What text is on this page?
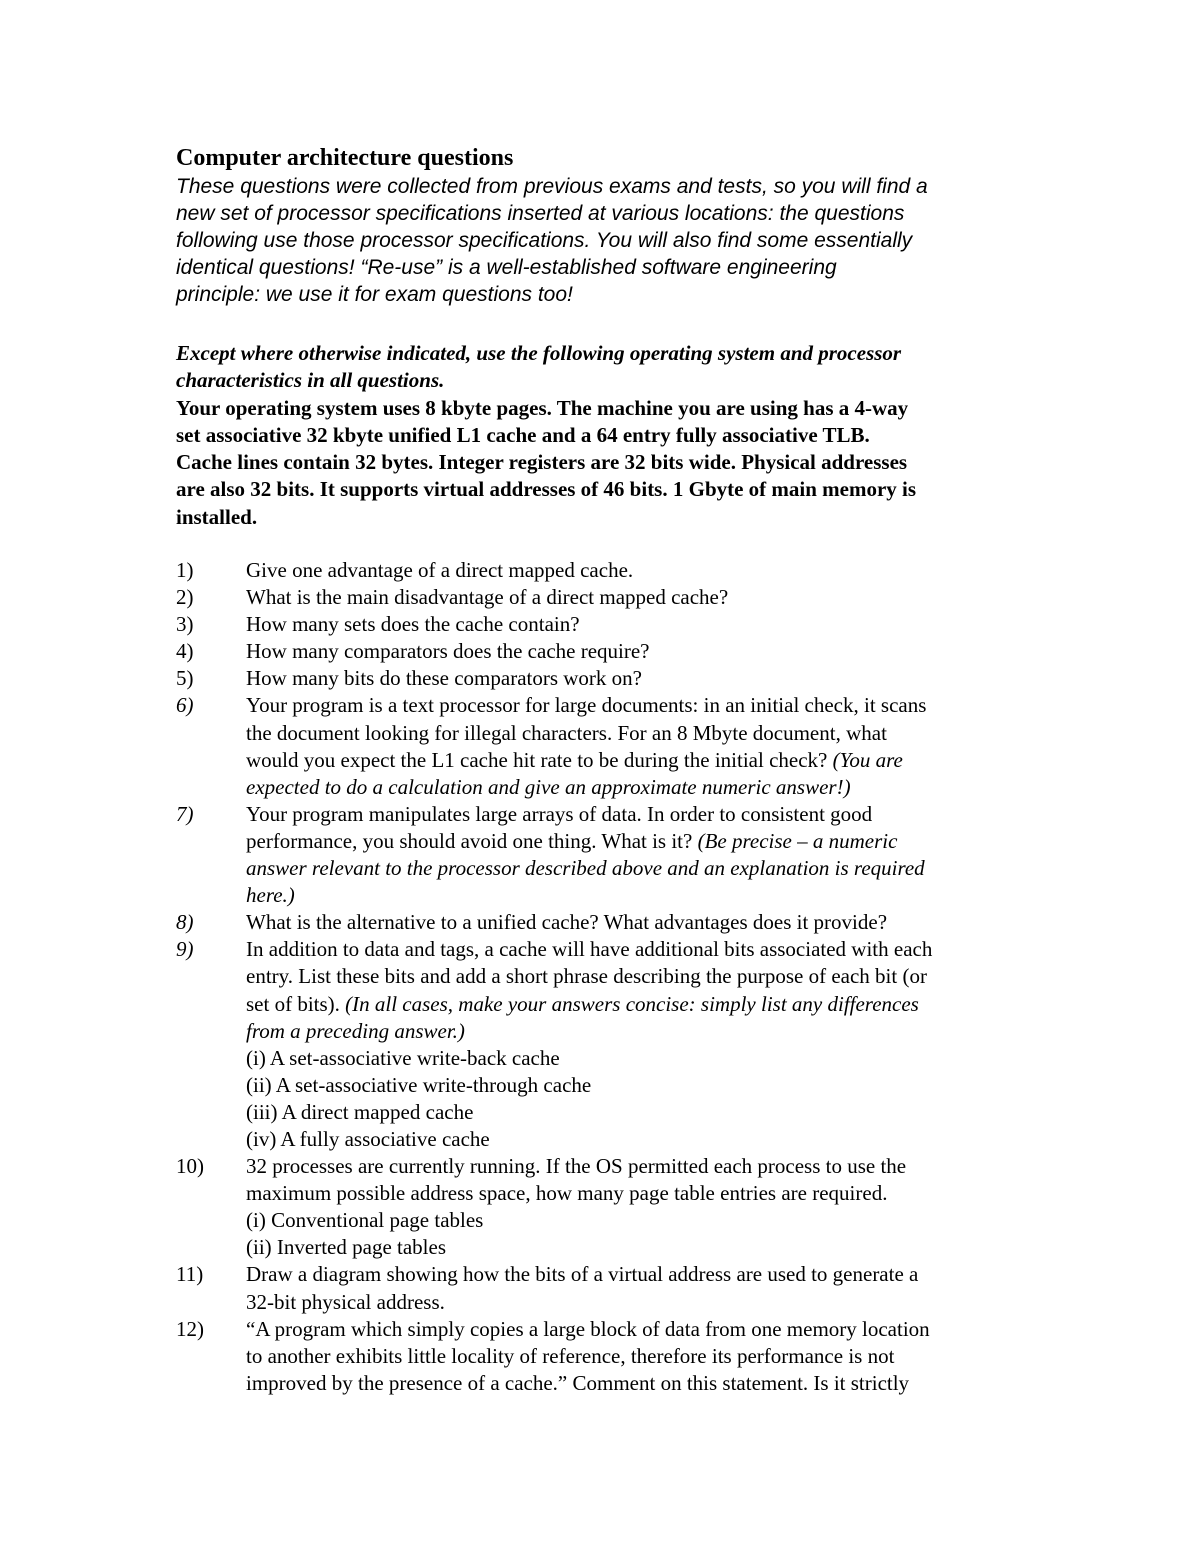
Computer architecture questions
These questions were collected from previous exams and tests, so you will find a
new set of processor specifications inserted at various locations: the questions
following use those processor specifications. You will also find some essentially
identical questions! “Re-use” is a well-established software engineering
principle: we use it for exam questions too!
Except where otherwise indicated, use the following operating system and processor
characteristics in all questions.
Your operating system uses 8 kbyte pages. The machine you are using has a 4-way
set associative 32 kbyte unified L1 cache and a 64 entry fully associative TLB.
Cache lines contain 32 bytes. Integer registers are 32 bits wide. Physical addresses
are also 32 bits. It supports virtual addresses of 46 bits. 1 Gbyte of main memory is
installed.
1)	Give one advantage of a direct mapped cache.
2)	What is the main disadvantage of a direct mapped cache?
3)	How many sets does the cache contain?
4)	How many comparators does the cache require?
5)	How many bits do these comparators work on?
6)	Your program is a text processor for large documents: in an initial check, it scans
the document looking for illegal characters. For an 8 Mbyte document, what
would you expect the L1 cache hit rate to be during the initial check? (You are
expected to do a calculation and give an approximate numeric answer!)
7)	Your program manipulates large arrays of data. In order to consistent good
performance, you should avoid one thing. What is it? (Be precise – a numeric
answer relevant to the processor described above and an explanation is required
here.)
8)	What is the alternative to a unified cache? What advantages does it provide?
9)	In addition to data and tags, a cache will have additional bits associated with each
entry. List these bits and add a short phrase describing the purpose of each bit (or
set of bits). (In all cases, make your answers concise: simply list any differences
from a preceding answer.)
(i) A set-associative write-back cache
(ii) A set-associative write-through cache
(iii) A direct mapped cache
(iv) A fully associative cache
10)	32 processes are currently running. If the OS permitted each process to use the
maximum possible address space, how many page table entries are required.
(i) Conventional page tables
(ii) Inverted page tables
11)	Draw a diagram showing how the bits of a virtual address are used to generate a
32-bit physical address.
12)	“A program which simply copies a large block of data from one memory location
to another exhibits little locality of reference, therefore its performance is not
improved by the presence of a cache.” Comment on this statement. Is it strictly
